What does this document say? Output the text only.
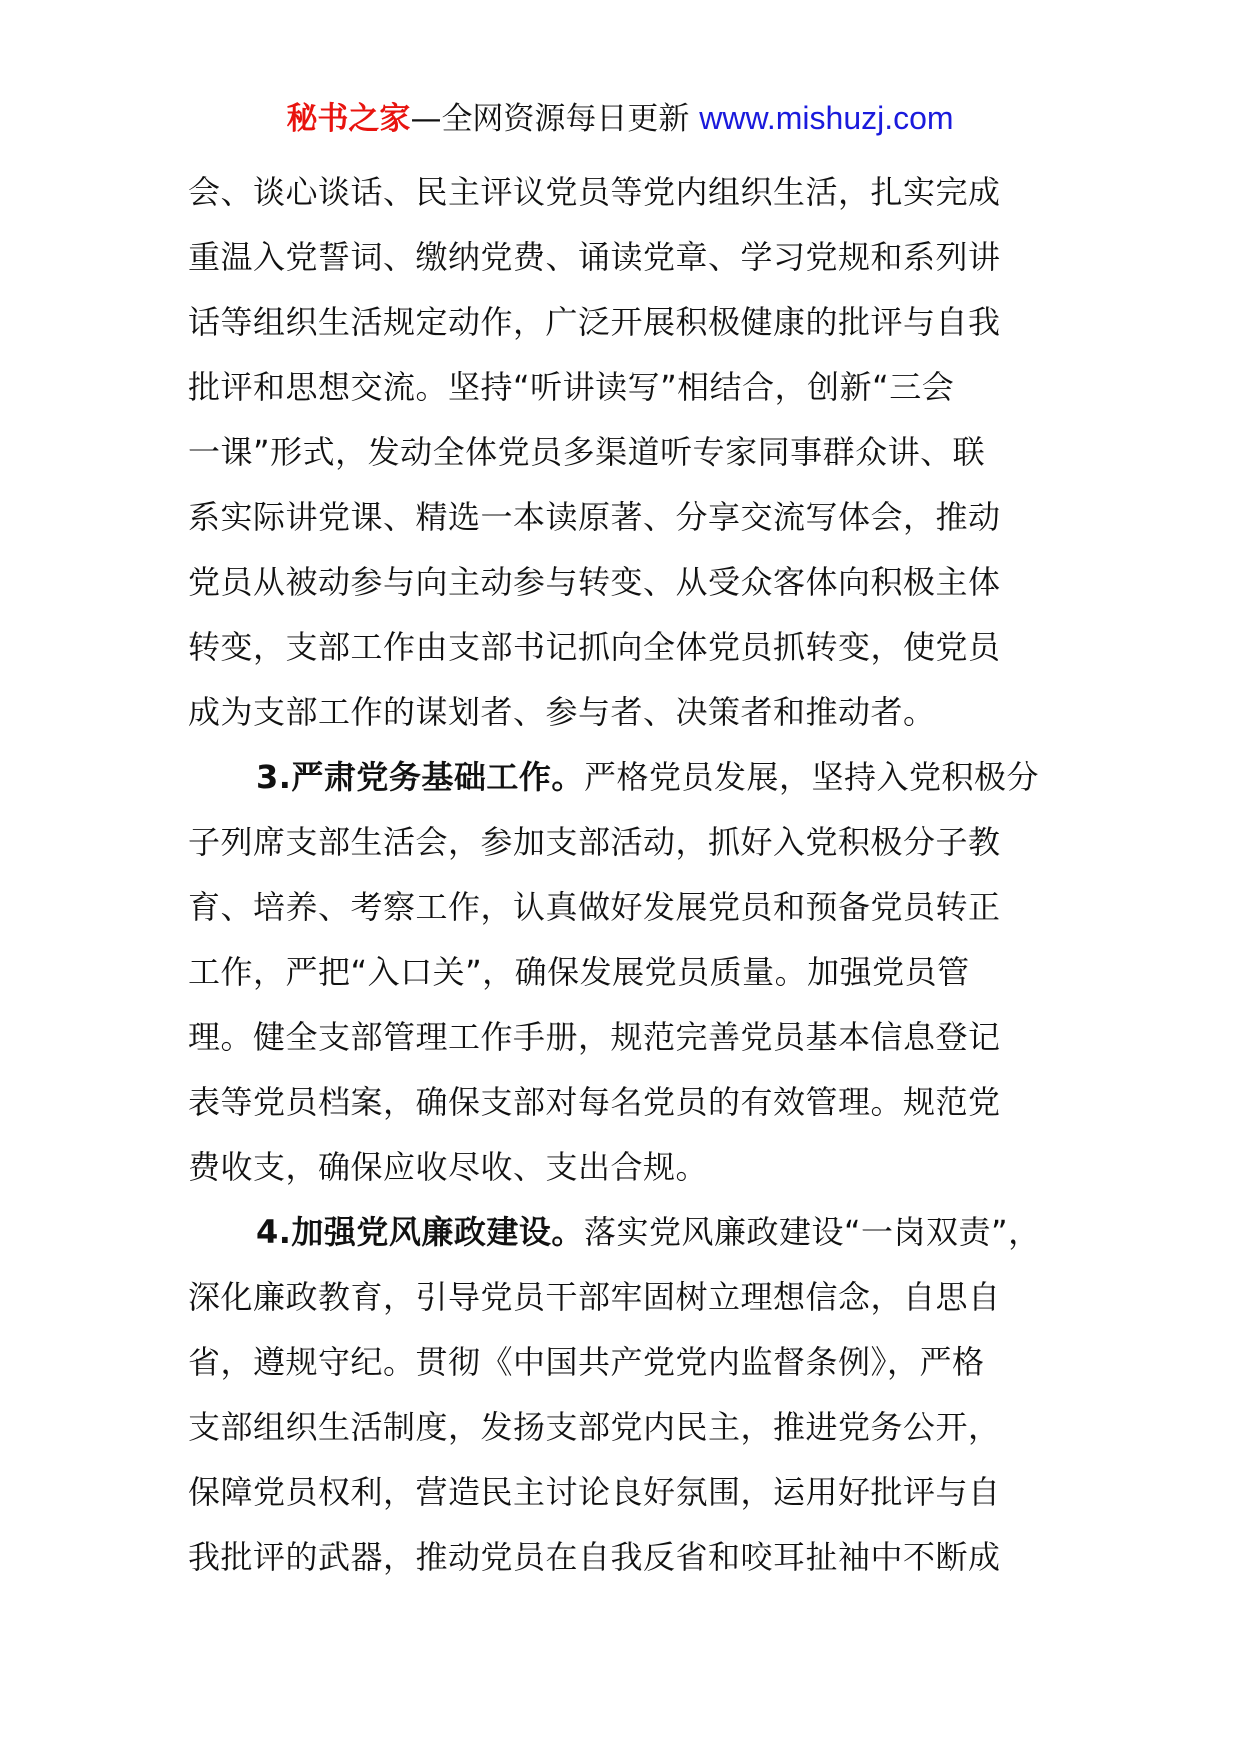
秘书之家—全网资源每日更新 www.mishuzj.com
会、谈心谈话、民主评议党员等党内组织生活，扎实完成
重温入党誓词、缴纳党费、诵读党章、学习党规和系列讲
话等组织生活规定动作，广泛开展积极健康的批评与自我
批评和思想交流。坚持“听讲读写”相结合，创新“三会
一课”形式，发动全体党员多渠道听专家同事群众讲、联
系实际讲党课、精选一本读原著、分享交流写体会，推动
党员从被动参与向主动参与转变、从受众客体向积极主体
转变，支部工作由支部书记抓向全体党员抓转变，使党员
成为支部工作的谋划者、参与者、决策者和推动者。
3.严肃党务基础工作。严格党员发展，坚持入党积极分
子列席支部生活会，参加支部活动，抓好入党积极分子教
育、培养、考察工作，认真做好发展党员和预备党员转正
工作，严把“入口关”，确保发展党员质量。加强党员管
理。健全支部管理工作手册，规范完善党员基本信息登记
表等党员档案，确保支部对每名党员的有效管理。规范党
费收支，确保应收尽收、支出合规。
4.加强党风廉政建设。落实党风廉政建设“一岗双责”，
深化廉政教育，引导党员干部牢固树立理想信念，自思自
省，遵规守纪。贯彻《中国共产党党内监督条例》，严格
支部组织生活制度，发扬支部党内民主，推进党务公开，
保障党员权利，营造民主讨论良好氛围，运用好批评与自
我批评的武器，推动党员在自我反省和咬耳扯袖中不断成
